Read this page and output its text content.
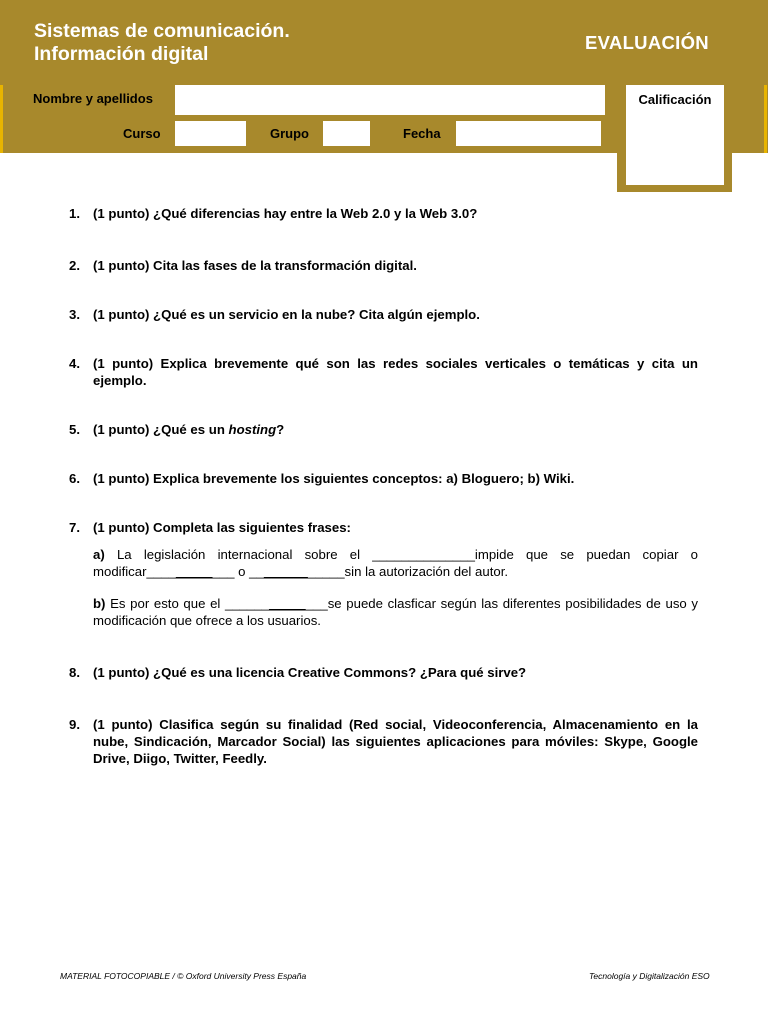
Sistemas de comunicación.
Información digital
EVALUACIÓN
Nombre y apellidos
Curso	Grupo	Fecha
Calificación
1. (1 punto) ¿Qué diferencias hay entre la Web 2.0 y la Web 3.0?
2. (1 punto) Cita las fases de la transformación digital.
3. (1 punto) ¿Qué es un servicio en la nube? Cita algún ejemplo.
4. (1 punto) Explica brevemente qué son las redes sociales verticales o temáticas y cita un ejemplo.
5. (1 punto) ¿Qué es un hosting?
6. (1 punto) Explica brevemente los siguientes conceptos: a) Bloguero; b) Wiki.
7. (1 punto) Completa las siguientes frases:
a) La legislación internacional sobre el ______________impide que se puedan copiar o modificar____________ o _____________sin la autorización del autor.
b) Es por esto que el ______________se puede clasficar según las diferentes posibilidades de uso y modificación que ofrece a los usuarios.
8. (1 punto) ¿Qué es una licencia Creative Commons? ¿Para qué sirve?
9. (1 punto) Clasifica según su finalidad (Red social, Videoconferencia, Almacenamiento en la nube, Sindicación, Marcador Social) las siguientes aplicaciones para móviles: Skype, Google Drive, Diigo, Twitter, Feedly.
MATERIAL FOTOCOPIABLE / © Oxford University Press España	Tecnología y Digitalización ESO
